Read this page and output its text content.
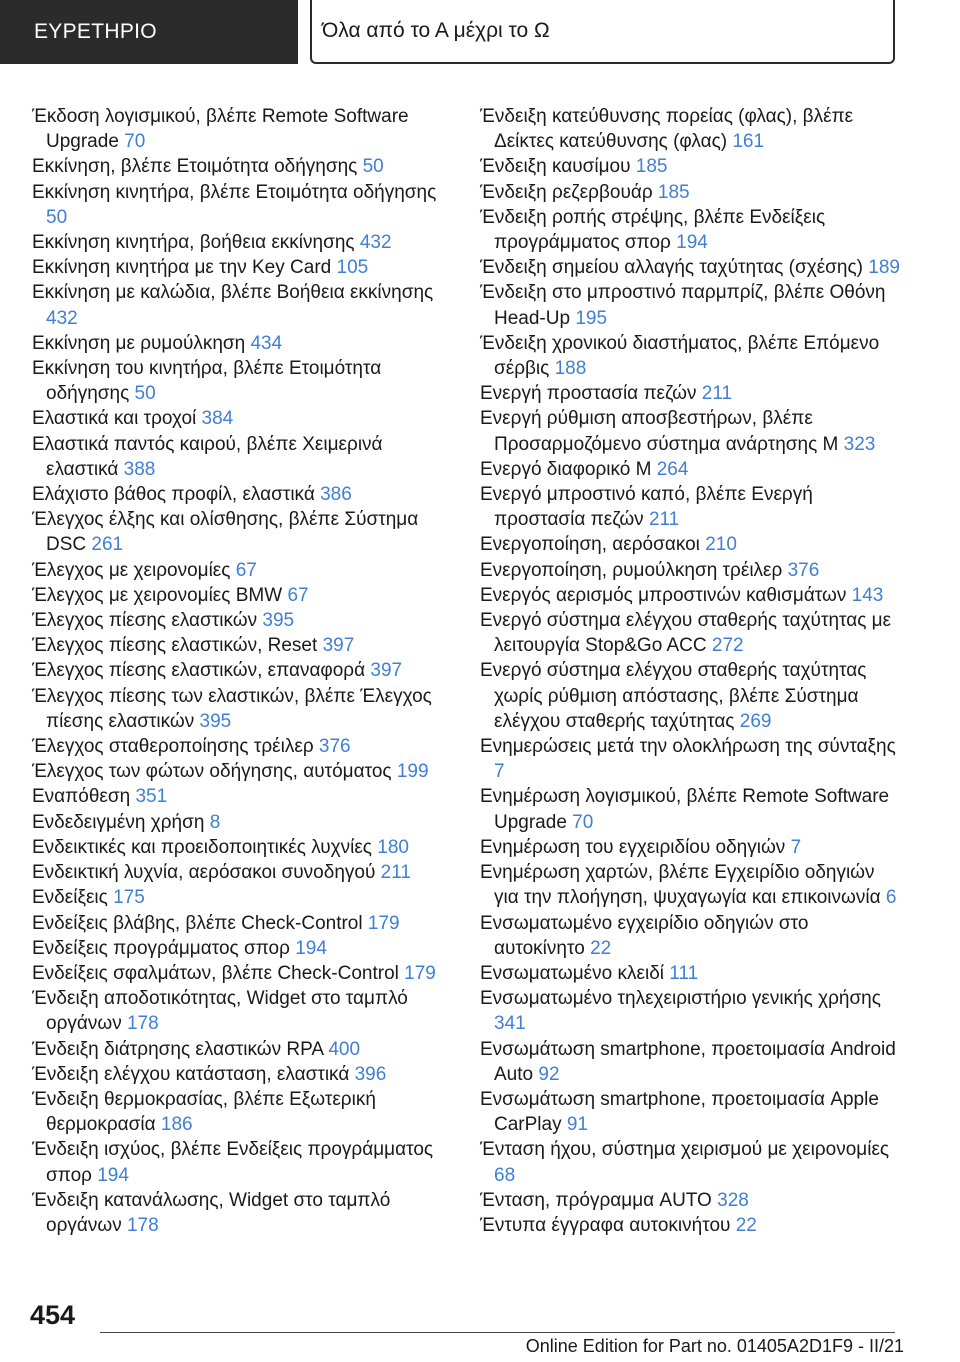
ΕΥΡΕΤΗΡΙΟ	Όλα από το Α μέχρι το Ω
Έκδοση λογισμικού, βλέπε Remote Software Upgrade 70
Εκκίνηση, βλέπε Ετοιμότητα οδήγησης 50
Εκκίνηση κινητήρα, βλέπε Ετοιμότητα οδήγησης 50
Εκκίνηση κινητήρα, βοήθεια εκκίνησης 432
Εκκίνηση κινητήρα με την Key Card 105
Εκκίνηση με καλώδια, βλέπε Βοήθεια εκκίνησης 432
Εκκίνηση με ρυμούλκηση 434
Εκκίνηση του κινητήρα, βλέπε Ετοιμότητα οδήγησης 50
Ελαστικά και τροχοί 384
Ελαστικά παντός καιρού, βλέπε Χειμερινά ελαστικά 388
Ελάχιστο βάθος προφίλ, ελαστικά 386
Έλεγχος έλξης και ολίσθησης, βλέπε Σύστημα DSC 261
Έλεγχος με χειρονομίες 67
Έλεγχος με χειρονομίες BMW 67
Έλεγχος πίεσης ελαστικών 395
Έλεγχος πίεσης ελαστικών, Reset 397
Έλεγχος πίεσης ελαστικών, επαναφορά 397
Έλεγχος πίεσης των ελαστικών, βλέπε Έλεγχος πίεσης ελαστικών 395
Έλεγχος σταθεροποίησης τρέιλερ 376
Έλεγχος των φώτων οδήγησης, αυτόματος 199
Εναπόθεση 351
Ενδεδειγμένη χρήση 8
Ενδεικτικές και προειδοποιητικές λυχνίες 180
Ενδεικτική λυχνία, αερόσακοι συνοδηγού 211
Ενδείξεις 175
Ενδείξεις βλάβης, βλέπε Check-Control 179
Ενδείξεις προγράμματος σπορ 194
Ενδείξεις σφαλμάτων, βλέπε Check-Control 179
Ένδειξη αποδοτικότητας, Widget στο ταμπλό οργάνων 178
Ένδειξη διάτρησης ελαστικών RPA 400
Ένδειξη ελέγχου κατάσταση, ελαστικά 396
Ένδειξη θερμοκρασίας, βλέπε Εξωτερική θερμοκρασία 186
Ένδειξη ισχύος, βλέπε Ενδείξεις προγράμματος σπορ 194
Ένδειξη κατανάλωσης, Widget στο ταμπλό οργάνων 178
Ένδειξη κατεύθυνσης πορείας (φλας), βλέπε Δείκτες κατεύθυνσης (φλας) 161
Ένδειξη καυσίμου 185
Ένδειξη ρεζερβουάρ 185
Ένδειξη ροπής στρέψης, βλέπε Ενδείξεις προγράμματος σπορ 194
Ένδειξη σημείου αλλαγής ταχύτητας (σχέσης) 189
Ένδειξη στο μπροστινό παρμπρίζ, βλέπε Οθόνη Head-Up 195
Ένδειξη χρονικού διαστήματος, βλέπε Επόμενο σέρβις 188
Ενεργή προστασία πεζών 211
Ενεργή ρύθμιση αποσβεστήρων, βλέπε Προσαρμοζόμενο σύστημα ανάρτησης M 323
Ενεργό διαφορικό M 264
Ενεργό μπροστινό καπό, βλέπε Ενεργή προστασία πεζών 211
Ενεργοποίηση, αερόσακοι 210
Ενεργοποίηση, ρυμούλκηση τρέιλερ 376
Ενεργός αερισμός μπροστινών καθισμάτων 143
Ενεργό σύστημα ελέγχου σταθερής ταχύτητας με λειτουργία Stop&Go ACC 272
Ενεργό σύστημα ελέγχου σταθερής ταχύτητας χωρίς ρύθμιση απόστασης, βλέπε Σύστημα ελέγχου σταθερής ταχύτητας 269
Ενημερώσεις μετά την ολοκλήρωση της σύνταξης 7
Ενημέρωση λογισμικού, βλέπε Remote Software Upgrade 70
Ενημέρωση του εγχειριδίου οδηγιών 7
Ενημέρωση χαρτών, βλέπε Εγχειρίδιο οδηγιών για την πλοήγηση, ψυχαγωγία και επικοινωνία 6
Ενσωματωμένο εγχειρίδιο οδηγιών στο αυτοκίνητο 22
Ενσωματωμένο κλειδί 111
Ενσωματωμένο τηλεχειριστήριο γενικής χρήσης 341
Ενσωμάτωση smartphone, προετοιμασία Android Auto 92
Ενσωμάτωση smartphone, προετοιμασία Apple CarPlay 91
Ένταση ήχου, σύστημα χειρισμού με χειρονομίες 68
Ένταση, πρόγραμμα AUTO 328
Έντυπα έγγραφα αυτοκινήτου 22
454
Online Edition for Part no. 01405A2D1F9 - II/21
